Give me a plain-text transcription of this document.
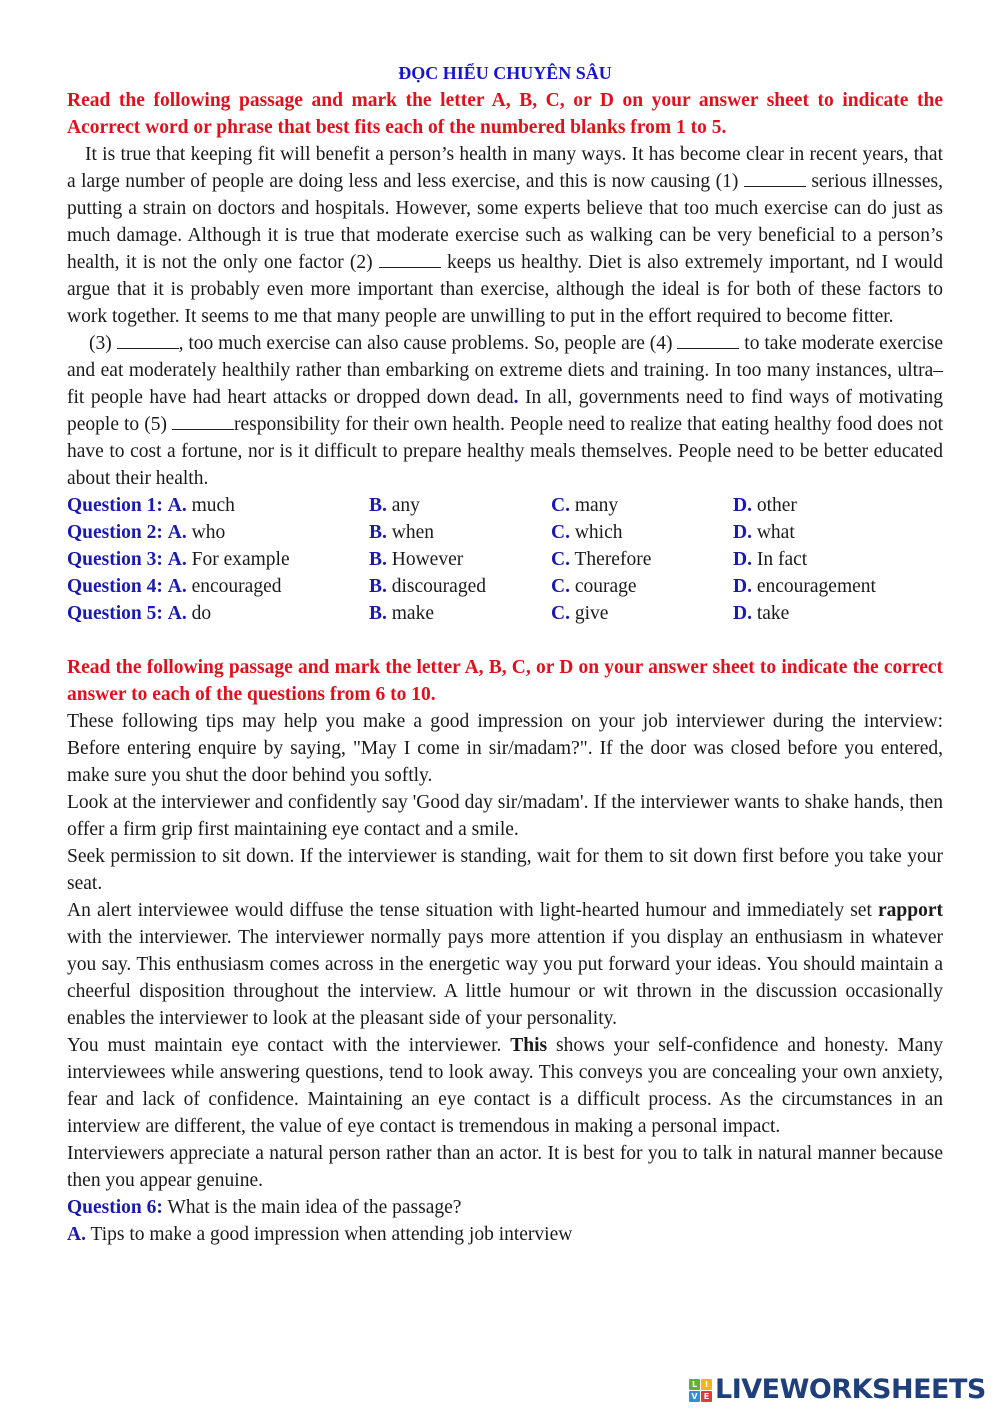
ĐỌC HIỂU CHUYÊN SÂU
Read the following passage and mark the letter A, B, C, or D on your answer sheet to indicate the Acorrect word or phrase that best fits each of the numbered blanks from 1 to 5.

It is true that keeping fit will benefit a person’s health in many ways. It has become clear in recent years, that a large number of people are doing less and less exercise, and this is now causing (1)	serious illnesses, putting a strain on doctors and hospitals. However, some experts believe that too much exercise can do just as much damage. Although it is true that moderate exercise such as walking can be very beneficial to a person’s health, it is not the only one factor (2)	keeps us healthy. Diet is also extremely important, nd I would argue that it is probably even more important than exercise, although the ideal is for both of these factors to work together. It seems to me that many people are unwilling to put in the effort required to become fitter.

(3)	, too much exercise can also cause problems. So, people are (4)	to take moderate exercise and eat moderately healthily rather than embarking on extreme diets and training. In too many instances, ultra–fit people have had heart attacks or dropped down dead. In all, governments need to find ways of motivating people to (5)	responsibility for their own health. People need to realize that eating healthy food does not have to cost a fortune, nor is it difficult to prepare healthy meals themselves. People need to be better educated about their health.

Question 1: A. much	B. any	C. many	D. other
Question 2: A. who	B. when	C. which	D. what
Question 3: A. For example	B. However	C. Therefore	D. In fact
Question 4: A. encouraged	B. discouraged	C. courage	D. encouragement
Question 5: A. do	B. make	C. give	D. take
Read the following passage and mark the letter A, B, C, or D on your answer sheet to indicate the correct answer to each of the questions from 6 to 10.

These following tips may help you make a good impression on your job interviewer during the interview: Before entering enquire by saying, "May I come in sir/madam?". If the door was closed before you entered, make sure you shut the door behind you softly.

Look at the interviewer and confidently say 'Good day sir/madam'. If the interviewer wants to shake hands, then offer a firm grip first maintaining eye contact and a smile.

Seek permission to sit down. If the interviewer is standing, wait for them to sit down first before you take your seat.

An alert interviewee would diffuse the tense situation with light-hearted humour and immediately set rapport with the interviewer. The interviewer normally pays more attention if you display an enthusiasm in whatever you say. This enthusiasm comes across in the energetic way you put forward your ideas. You should maintain a cheerful disposition throughout the interview. A little humour or wit thrown in the discussion occasionally enables the interviewer to look at the pleasant side of your personality.

You must maintain eye contact with the interviewer. This shows your self-confidence and honesty. Many interviewees while answering questions, tend to look away. This conveys you are concealing your own anxiety, fear and lack of confidence. Maintaining an eye contact is a difficult process. As the circumstances in an interview are different, the value of eye contact is tremendous in making a personal impact.

Interviewers appreciate a natural person rather than an actor. It is best for you to talk in natural manner because then you appear genuine.

Question 6: What is the main idea of the passage?

A. Tips to make a good impression when attending job interview

L I
V E LIVEWORKSHEETS
